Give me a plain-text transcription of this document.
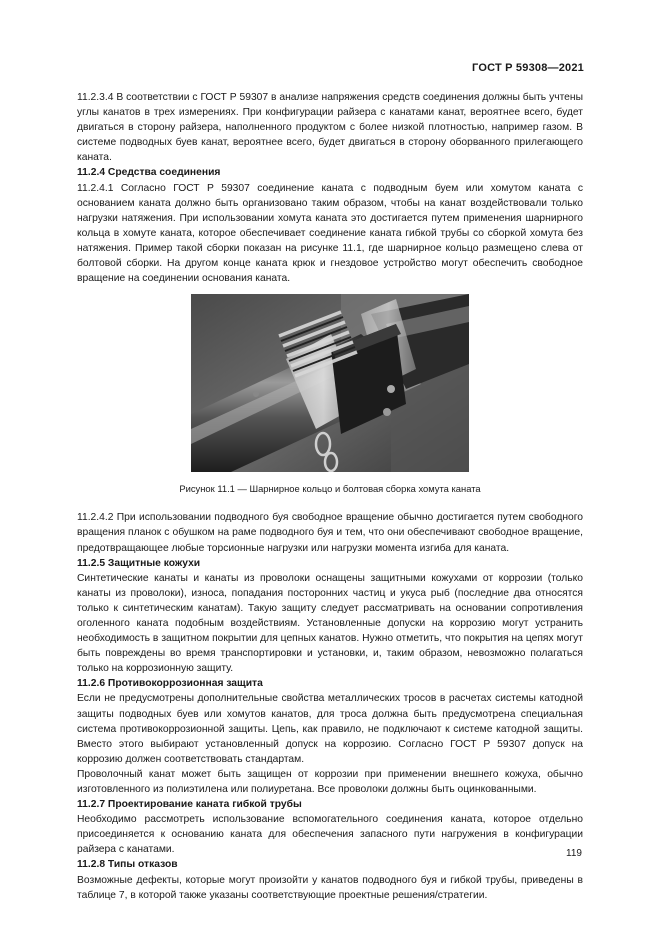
ГОСТ Р 59308—2021

11.2.3.4 В соответствии с ГОСТ Р 59307 в анализе напряжения средств соединения должны быть учтены углы канатов в трех измерениях. При конфигурации райзера с канатами канат, вероятнее всего, будет двигаться в сторону райзера, наполненного продуктом с более низкой плотностью, например газом. В системе подводных буев канат, вероятнее всего, будет двигаться в сторону оборванного прилегающего каната.

11.2.4 Средства соединения

11.2.4.1 Согласно ГОСТ Р 59307 соединение каната с подводным буем или хомутом каната с основанием каната должно быть организовано таким образом, чтобы на канат воздействовали только нагрузки натяжения. При использовании хомута каната это достигается путем применения шарнирного кольца в хомуте каната, которое обеспечивает соединение каната гибкой трубы со сборкой хомута без натяжения. Пример такой сборки показан на рисунке 11.1, где шарнирное кольцо размещено слева от болтовой сборки. На другом конце каната крюк и гнездовое устройство могут обеспечить свободное вращение на соединении основания каната.

Рисунок 11.1 — Шарнирное кольцо и болтовая сборка хомута каната

11.2.4.2 При использовании подводного буя свободное вращение обычно достигается путем свободного вращения планок с обушком на раме подводного буя и тем, что они обеспечивают свободное вращение, предотвращающее любые торсионные нагрузки или нагрузки момента изгиба для каната.

11.2.5 Защитные кожухи

Синтетические канаты и канаты из проволоки оснащены защитными кожухами от коррозии (только канаты из проволоки), износа, попадания посторонних частиц и укуса рыб (последние два относятся только к синтетическим канатам). Такую защиту следует рассматривать на основании сопротивления оголенного каната подобным воздействиям. Установленные допуски на коррозию могут устранить необходимость в защитном покрытии для цепных канатов. Нужно отметить, что покрытия на цепях могут быть повреждены во время транспортировки и установки, и, таким образом, невозможно полагаться только на коррозионную защиту.

11.2.6 Противокоррозионная защита

Если не предусмотрены дополнительные свойства металлических тросов в расчетах системы катодной защиты подводных буев или хомутов канатов, для троса должна быть предусмотрена специальная система противокоррозионной защиты. Цепь, как правило, не подключают к системе катодной защиты. Вместо этого выбирают установленный допуск на коррозию. Согласно ГОСТ Р 59307 допуск на коррозию должен соответствовать стандартам.

Проволочный канат может быть защищен от коррозии при применении внешнего кожуха, обычно изготовленного из полиэтилена или полиуретана. Все проволоки должны быть оцинкованными.

11.2.7 Проектирование каната гибкой трубы

Необходимо рассмотреть использование вспомогательного соединения каната, которое отдельно присоединяется к основанию каната для обеспечения запасного пути нагружения в конфигурации райзера с канатами.

11.2.8 Типы отказов

Возможные дефекты, которые могут произойти у канатов подводного буя и гибкой трубы, приведены в таблице 7, в которой также указаны соответствующие проектные решения/стратегии.

119
